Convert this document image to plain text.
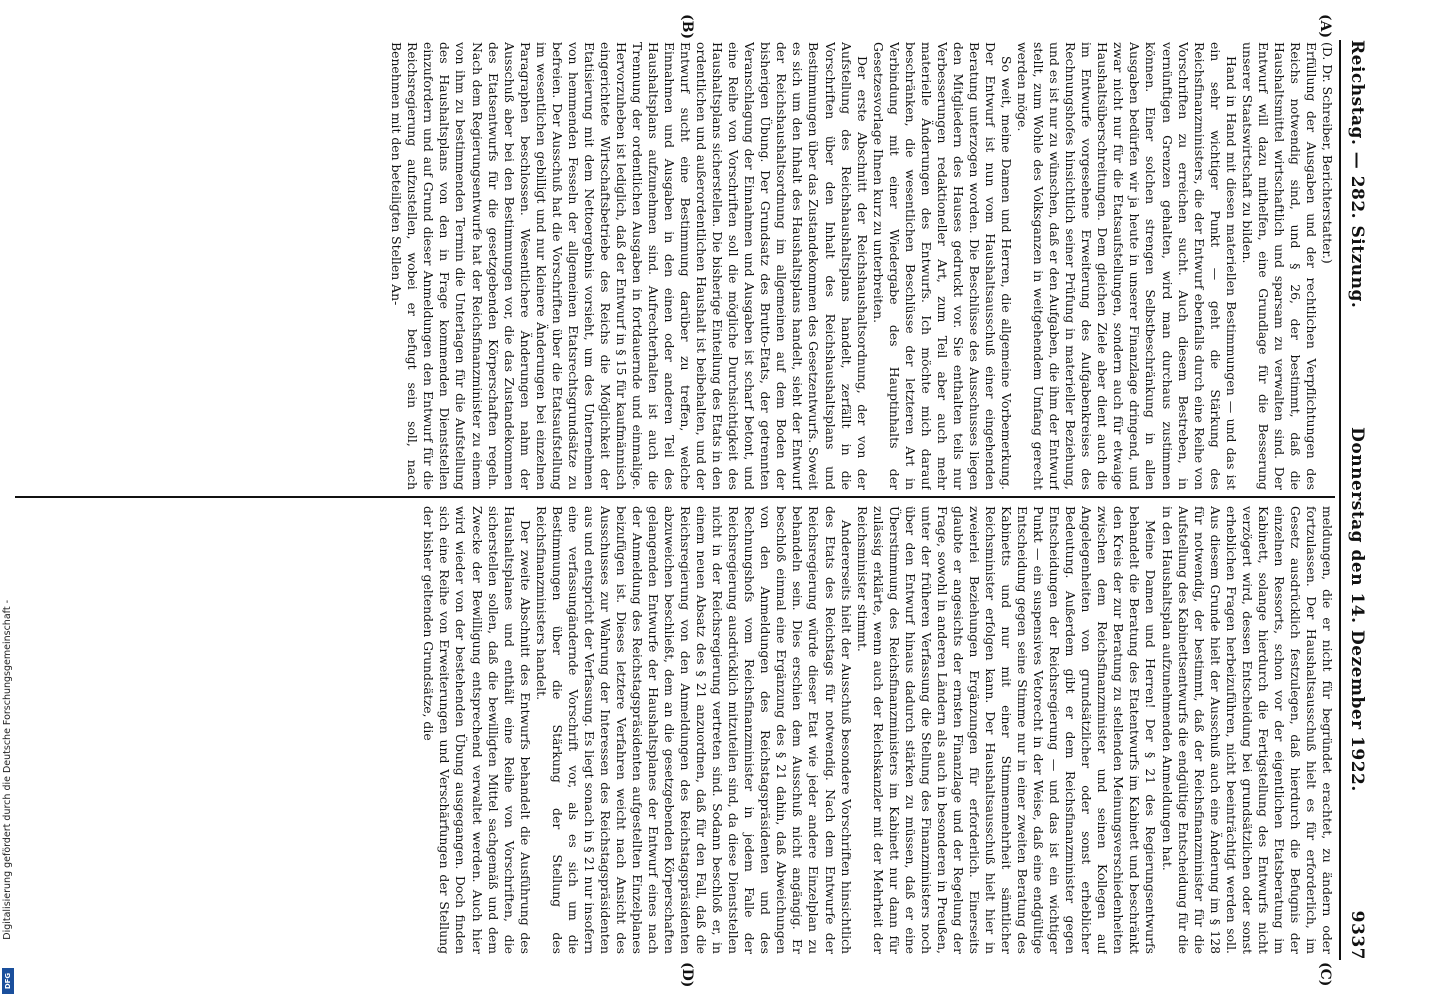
Reichstag. — 282. Sitzung.
Donnerstag den 14. Dezember 1922.
9337

(D. Dr. Schreiber, Berichterstatter.)

Erfüllung der Ausgaben und der rechtlichen Verpflichtungen des Reichs notwendig sind, und § 26, der bestimmt, daß die Haushaltsmittel wirtschaftlich und sparsam zu verwalten sind. Der Entwurf will dazu mithelfen, eine Grundlage für die Besserung unserer Staatswirtschaft zu bilden.

Hand in Hand mit diesen materiellen Bestimmungen — und das ist ein sehr wichtiger Punkt — geht die Stärkung des Reichsfinanzministers, die der Entwurf ebenfalls durch eine Reihe von Vorschriften zu erreichen sucht. Auch diesem Bestreben, in vernünftigen Grenzen gehalten, wird man durchaus zustimmen können. Einer solchen strengen Selbstbeschränkung in allen Ausgaben bedürfen wir ja heute in unserer Finanzlage dringend, und zwar nicht nur für die Etatsaufstellungen, sondern auch für etwaige Haushaltsüberschreitungen. Dem gleichen Ziele aber dient auch die im Entwurfe vorgesehene Erweiterung des Aufgabenkreises des Rechnungshofes hinsichtlich seiner Prüfung in materieller Beziehung, und es ist nur zu wünschen, daß er den Aufgaben, die ihm der Entwurf stellt, zum Wohle des Volksganzen in weitgehendem Umfang gerecht werden möge.

So weit, meine Damen und Herren, die allgemeine Vorbemerkung. Der Entwurf ist nun vom Haushaltsausschuß einer eingehenden Beratung unterzogen worden. Die Beschlüsse des Ausschusses liegen den Mitgliedern des Hauses gedruckt vor. Sie enthalten teils nur Verbesserungen redaktioneller Art, zum Teil aber auch mehr materielle Änderungen des Entwurfs. Ich möchte mich darauf beschränken, die wesentlichen Beschlüsse der letzteren Art in Verbindung mit einer Wiedergabe des Hauptinhalts der Gesetzesvorlage Ihnen kurz zu unterbreiten.

Der erste Abschnitt der Reichshaushaltsordnung, der von der Aufstellung des Reichshaushaltsplans handelt, zerfällt in die Vorschriften über den Inhalt des Reichshaushaltsplans und Bestimmungen über das Zustandekommen des Gesetzentwurfs. Soweit es sich um den Inhalt des Haushaltsplans handelt, sieht der Entwurf der Reichshaushaltsordnung im allgemeinen auf dem Boden der bisherigen Übung. Der Grundsatz des Brutto-Etats, der getrennten Veranschlagung der Einnahmen und Ausgaben ist scharf betont, und eine Reihe von Vorschriften soll die mögliche Durchsichtigkeit des Haushaltsplans sicherstellen. Die bisherige Einteilung des Etats in den ordentlichen und außerordentlichen Haushalt ist beibehalten, und der Entwurf sucht eine Bestimmung darüber zu treffen, welche Einnahmen und Ausgaben in den einen oder anderen Teil des Haushaltsplans aufzunehmen sind. Aufrechterhalten ist auch die Trennung der ordentlichen Ausgaben in fortdauernde und einmalige. Hervorzuheben ist lediglich, daß der Entwurf in § 15 für kaufmännisch eingerichtete Wirtschaftsbetriebe des Reichs die Möglichkeit der Etatisierung mit dem Nettoergebnis vorsieht, um des Unternehmen von hemmenden Fesseln der allgemeinen Etatsrechtsgrundsätze zu befreien. Der Ausschuß hat die Vorschriften über die Etatsaufstellung im wesentlichen gebilligt und nur kleinere Änderungen bei einzelnen Paragraphen beschlossen. Wesentlichere Änderungen nahm der Ausschuß aber bei den Bestimmungen vor, die das Zustandekommen des Etatsentwurfs für die gesetzgebenden Körperschaften regeln. Nach dem Regierungsentwurfe hat der Reichsfinanzminister zu einem von ihm zu bestimmenden Termin die Unterlagen für die Aufstellung des Haushaltsplans von den in Frage kommenden Dienststellen einzufordern und auf Grund dieser Anmeldungen den Entwurf für die Reichsregierung aufzustellen, wobei er befugt sein soll, nach Benehmen mit den beteiligten Stellen An-

meldungen, die er nicht für begründet erachtet, zu ändern oder fortzulassen. Der Haushaltsausschuß hielt es für erforderlich, im Gesetz ausdrücklich festzulegen, daß hierdurch die Befugnis der einzelnen Ressorts, schon vor der eigentlichen Etatsberatung im Kabinett, solange hierdurch die Fertigstellung des Entwurfs nicht verzögert wird, dessen Entscheidung bei grundsätzlichen oder sonst erheblichen Fragen herbeizuführen, nicht beeinträchtigt werden soll. Aus diesem Grunde hielt der Ausschuß auch eine Änderung im § 128 für notwendig, der bestimmt, daß der Reichsfinanzminister für die Aufstellung des Kabinettsentwurfs die endgültige Entscheidung für die in den Haushaltsplan aufzunehmenden Anmeldungen hat.

Meine Damen und Herren! Der § 21 des Regierungsentwurfs behandelt die Beratung des Etatentwurfs im Kabinett und beschränkt den Kreis der zur Beratung zu stellenden Meinungsverschiedenheiten zwischen dem Reichsfinanzminister und seinen Kollegen auf Angelegenheiten von grundsätzlicher oder sonst erheblicher Bedeutung. Außerdem gibt er dem Reichsfinanzminister gegen Entscheidungen der Reichsregierung — und das ist ein wichtiger Punkt — ein suspensives Vetorecht in der Weise, daß eine endgültige Entscheidung gegen seine Stimme nur in einer zweiten Beratung des Kabinetts und nur mit einer Stimmenmehrheit sämtlicher Reichsminister erfolgen kann. Der Haushaltsausschuß hielt hier in zweierlei Beziehungen Ergänzungen für erforderlich. Einerseits glaubte er angesichts der ernsten Finanzlage und der Regelung der Frage, sowohl in anderen Ländern als auch in besonderen in Preußen, unter der früheren Verfassung die Stellung des Finanzministers noch über den Entwurf hinaus dadurch stärken zu müssen, daß er eine Überstimmung des Reichsfinanzministers im Kabinett nur dann für zulässig erklärte, wenn auch der Reichskanzler mit der Mehrheit der Reichsminister stimmt.

Andererseits hielt der Ausschuß besondere Vorschriften hinsichtlich des Etats des Reichstags für notwendig. Nach dem Entwurfe der Reichsregierung würde dieser Etat wie jeder andere Einzelplan zu behandeln sein. Dies erschien dem Ausschuß nicht angängig. Er beschloß einmal eine Ergänzung des § 21 dahin, daß Abweichungen von den Anmeldungen des Reichstagspräsidenten und des Rechnungshofs vom Reichsfinanzminister in jedem Falle der Reichsregierung ausdrücklich mitzuteilen sind, da diese Dienststellen nicht in der Reichsregierung vertreten sind. Sodann beschloß er, in einem neuen Absatz des § 21 anzuordnen, daß für den Fall, daß die Reichsregierung von den Anmeldungen des Reichstagspräsidenten abzuweichen beschließt, dem an die gesetzgebenden Körperschaften gelangenden Entwurfe der Haushaltsplanes der Entwurf eines nach der Anmeldung des Reichstagspräsidenten aufgestellten Einzelplanes beizufügen ist. Dieses letztere Verfahren weicht nach Ansicht des Ausschusses zur Wahrung der Interessen des Reichstagspräsidenten aus und entspricht der Verfassung. Es liegt sonach in § 21 nur insofern eine verfassungändernde Vorschrift vor, als es sich um die Bestimmungen über die Stärkung der Stellung des Reichsfinanzministers handelt.

Der zweite Abschnitt des Entwurfs behandelt die Ausführung des Haushaltsplanes und enthält eine Reihe von Vorschriften, die sicherstellen sollen, daß die bewilligten Mittel sachgemäß und dem Zwecke der Bewilligung entsprechend verwaltet werden. Auch hier wird wieder von der bestehenden Übung ausgegangen. Doch finden sich eine Reihe von Erweiterungen und Verschärfungen der Stellung der bisher geltenden Grundsätze, die

(A)
(B)
(C)
(D)
Digitalisierung gefördert durch die Deutsche Forschungsgemeinschaft -
DFG
